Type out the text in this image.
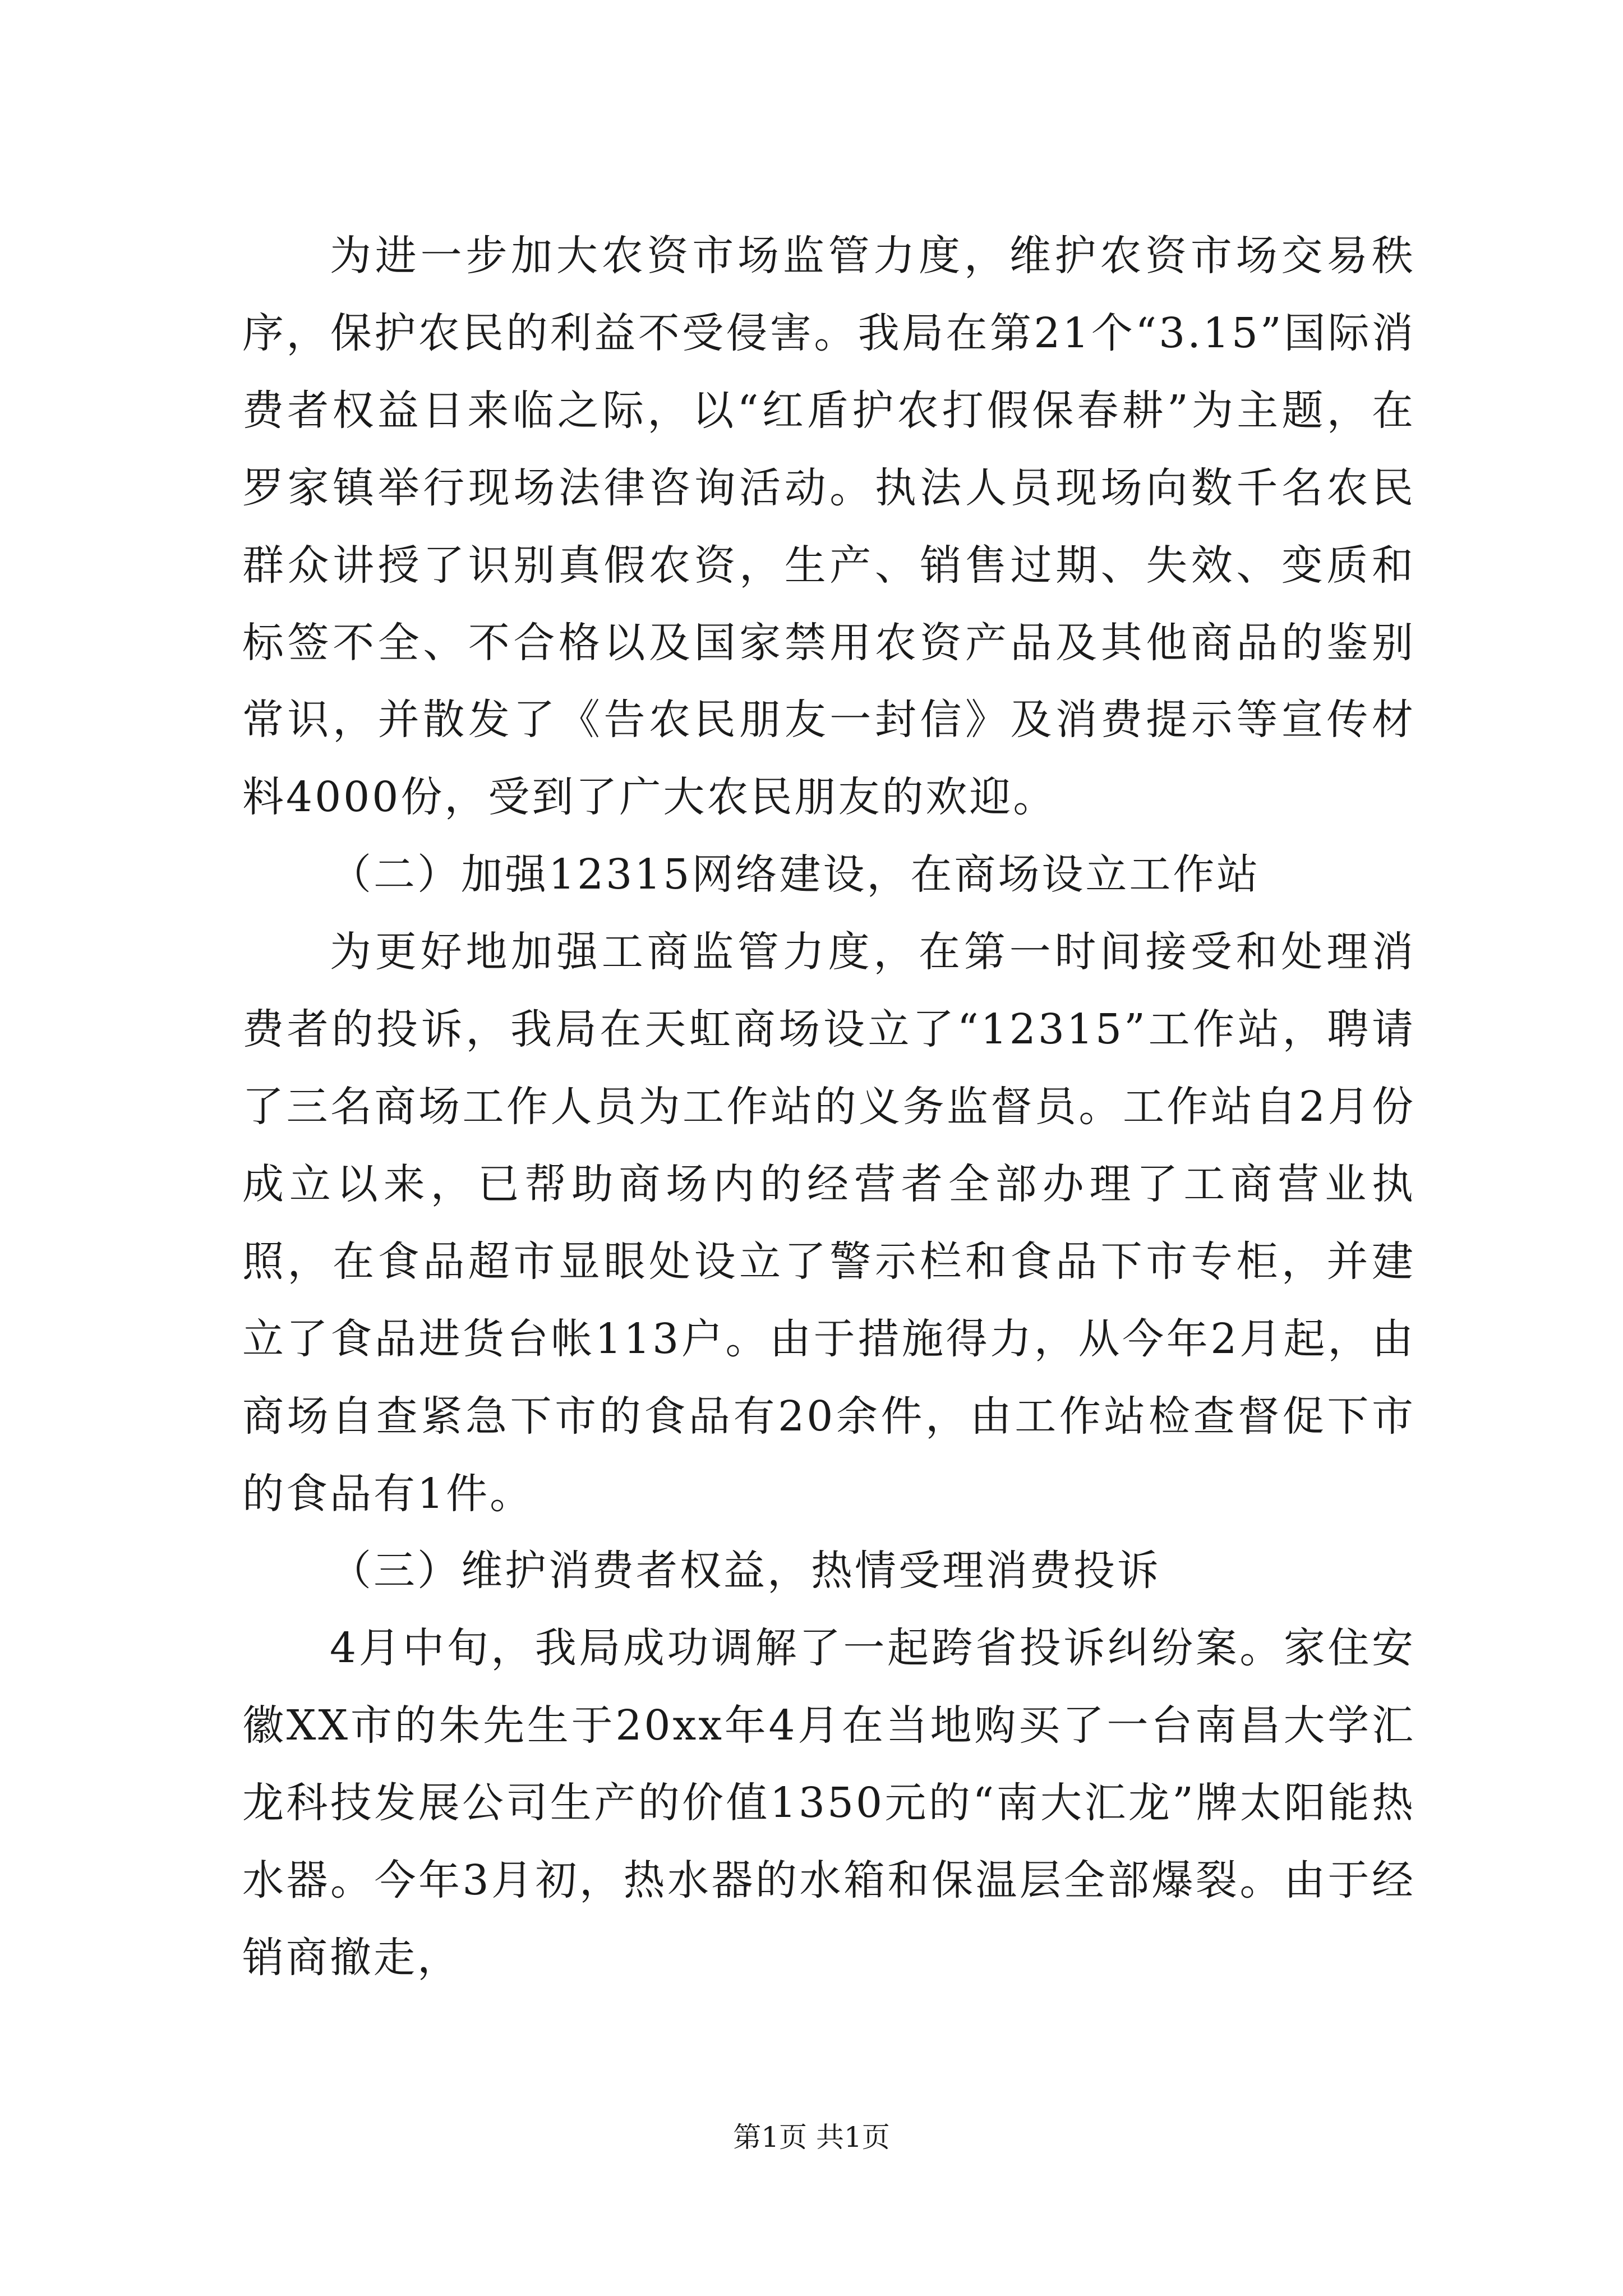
为进一步加大农资市场监管力度，维护农资市场交易秩序，保护农民的利益不受侵害。我局在第21个“3.15”国际消费者权益日来临之际，以“红盾护农打假保春耕”为主题，在罗家镇举行现场法律咨询活动。执法人员现场向数千名农民群众讲授了识别真假农资，生产、销售过期、失效、变质和标签不全、不合格以及国家禁用农资产品及其他商品的鉴别常识，并散发了《告农民朋友一封信》及消费提示等宣传材料4000份，受到了广大农民朋友的欢迎。

（二）加强12315网络建设，在商场设立工作站

为更好地加强工商监管力度，在第一时间接受和处理消费者的投诉，我局在天虹商场设立了“12315”工作站，聘请了三名商场工作人员为工作站的义务监督员。工作站自2月份成立以来，已帮助商场内的经营者全部办理了工商营业执照，在食品超市显眼处设立了警示栏和食品下市专柜，并建立了食品进货台帐113户。由于措施得力，从今年2月起，由商场自查紧急下市的食品有20余件，由工作站检查督促下市的食品有1件。

（三）维护消费者权益，热情受理消费投诉

4月中旬，我局成功调解了一起跨省投诉纠纷案。家住安徽XX市的朱先生于20xx年4月在当地购买了一台南昌大学汇龙科技发展公司生产的价值1350元的“南大汇龙”牌太阳能热水器。今年3月初，热水器的水箱和保温层全部爆裂。由于经销商撤走，

第1页 共1页
